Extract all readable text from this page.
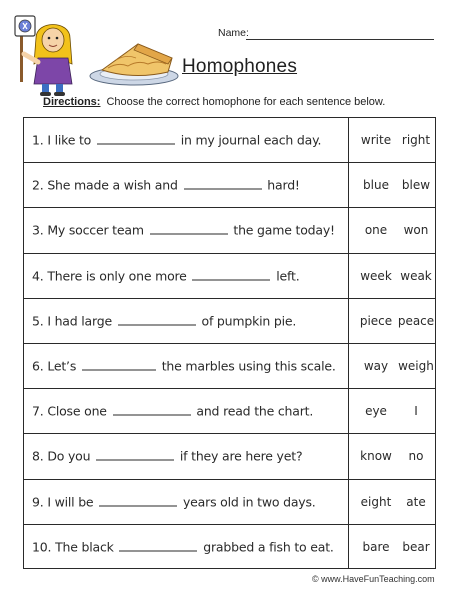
Name:
Homophones
Directions: Choose the correct homophone for each sentence below.
1. I like to	in my journal each day.	write right
2. She made a wish and	hard!	blue	blew
3. My soccer team	the game today!	one	won
4. There is only one more	left.	week weak
5. I had large	of pumpkin pie.	piece peace
6. Let’s	the marbles using this scale.	way weigh
7. Close one	and read the chart.	eye	I
8. Do you	if they are here yet?	know	no
9. I will be	years old in two days.	eight	ate
10. The black	grabbed a fish to eat.	bare	bear
© www.HaveFunTeaching.com
